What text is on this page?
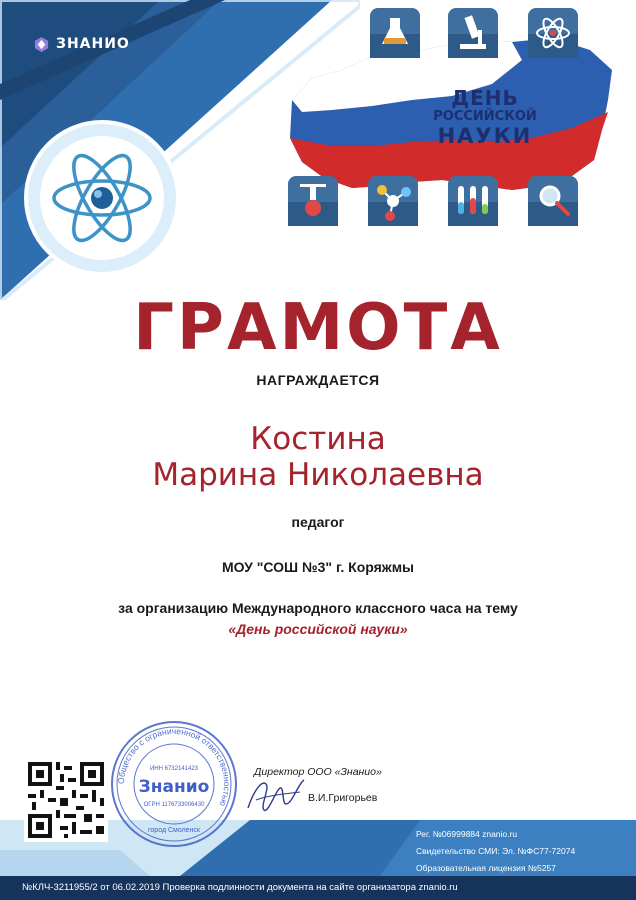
ЗНАНИО
ДЕНЬ
РОССИЙСКОЙ
НАУКИ
ГРАМОТА
НАГРАЖДАЕТСЯ
Костина
Марина Николаевна
педагог
МОУ "СОШ №3" г. Коряжмы
за организацию Международного классного часа на тему
«День российской науки»
Общество с ограниченной ответственностью
ИНН 6732141423
Знанио
ОГРН 1176733006430
город Смоленск
Директор ООО «Знанио»
В.И.Григорьев
Рег. №06999884 znanio.ru
Свидетельство СМИ: Эл. №ФС77-72074
Образовательная лицензия №5257
№КЛЧ-3211955/2 от 06.02.2019 Проверка подлинности документа на сайте организатора znanio.ru
